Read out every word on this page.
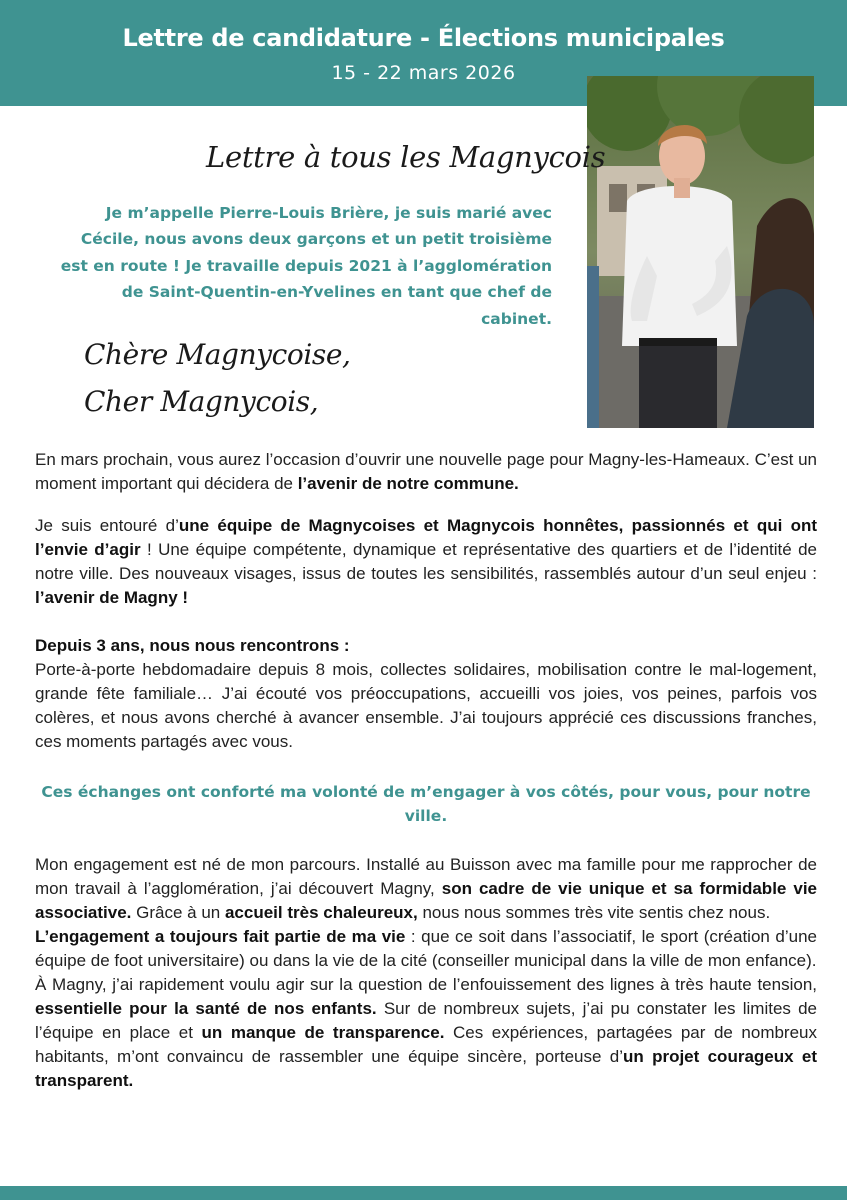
Lettre de candidature - Élections municipales
15 - 22 mars 2026
Lettre à tous les Magnycois
Je m’appelle Pierre-Louis Brière, je suis marié avec Cécile, nous avons deux garçons et un petit troisième est en route ! Je travaille depuis 2021 à l’agglomération de Saint-Quentin-en-Yvelines en tant que chef de cabinet.
Chère Magnycoise,
Cher Magnycois,

En mars prochain, vous aurez l’occasion d’ouvrir une nouvelle page pour Magny-les-Hameaux. C’est un moment important qui décidera de l’avenir de notre commune.

Je suis entouré d’une équipe de Magnycoises et Magnycois honnêtes, passionnés et qui ont l’envie d’agir ! Une équipe compétente, dynamique et représentative des quartiers et de l’identité de notre ville. Des nouveaux visages, issus de toutes les sensibilités, rassemblés autour d’un seul enjeu : l’avenir de Magny !

Depuis 3 ans, nous nous rencontrons :

Porte-à-porte hebdomadaire depuis 8 mois, collectes solidaires, mobilisation contre le mal-logement, grande fête familiale… J’ai écouté vos préoccupations, accueilli vos joies, vos peines, parfois vos colères, et nous avons cherché à avancer ensemble. J’ai toujours apprécié ces discussions franches, ces moments partagés avec vous.

Ces échanges ont conforté ma volonté de m’engager à vos côtés, pour vous, pour notre ville.

Mon engagement est né de mon parcours. Installé au Buisson avec ma famille pour me rapprocher de mon travail à l’agglomération, j’ai découvert Magny, son cadre de vie unique et sa formidable vie associative. Grâce à un accueil très chaleureux, nous nous sommes très vite sentis chez nous.

L’engagement a toujours fait partie de ma vie : que ce soit dans l’associatif, le sport (création d’une équipe de foot universitaire) ou dans la vie de la cité (conseiller municipal dans la ville de mon enfance).

À Magny, j’ai rapidement voulu agir sur la question de l’enfouissement des lignes à très haute tension, essentielle pour la santé de nos enfants. Sur de nombreux sujets, j’ai pu constater les limites de l’équipe en place et un manque de transparence. Ces expériences, partagées par de nombreux habitants, m’ont convaincu de rassembler une équipe sincère, porteuse d’un projet courageux et transparent.
